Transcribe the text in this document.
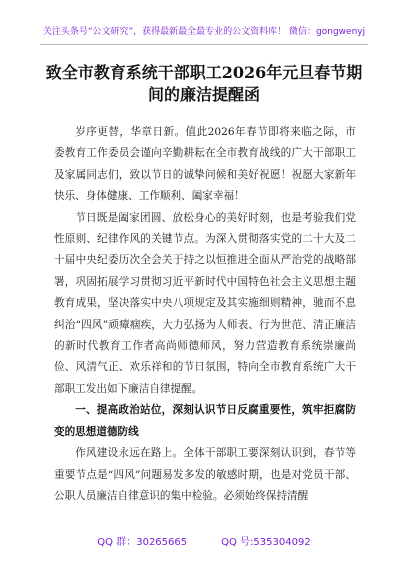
关注头条号“公文研究”，获得最新最全最专业的公文资料库！ 微信：gongwenyj
致全市教育系统干部职工2026年元旦春节期间的廉洁提醒函

岁序更替，华章日新。值此2026年春节即将来临之际，市委教育工作委员会谨向辛勤耕耘在全市教育战线的广大干部职工及家属同志们，致以节日的诚挚问候和美好祝愿！祝愿大家新年快乐、身体健康、工作顺利、阖家幸福！

节日既是阖家团圆、放松身心的美好时刻，也是考验我们党性原则、纪律作风的关键节点。为深入贯彻落实党的二十大及二十届中央纪委历次全会关于持之以恒推进全面从严治党的战略部署，巩固拓展学习贯彻习近平新时代中国特色社会主义思想主题教育成果，坚决落实中央八项规定及其实施细则精神，驰而不息纠治“四风”顽瘴痼疾，大力弘扬为人师表、行为世范、清正廉洁的新时代教育工作者高尚师德师风，努力营造教育系统崇廉尚俭、风清气正、欢乐祥和的节日氛围，特向全市教育系统广大干部职工发出如下廉洁自律提醒。

一、提高政治站位，深刻认识节日反腐重要性，筑牢拒腐防变的思想道德防线

作风建设永远在路上。全体干部职工要深刻认识到，春节等重要节点是“四风”问题易发多发的敏感时期，也是对党员干部、公职人员廉洁自律意识的集中检验。必须始终保持清醒

QQ 群：30265665	QQ 号:535304092
